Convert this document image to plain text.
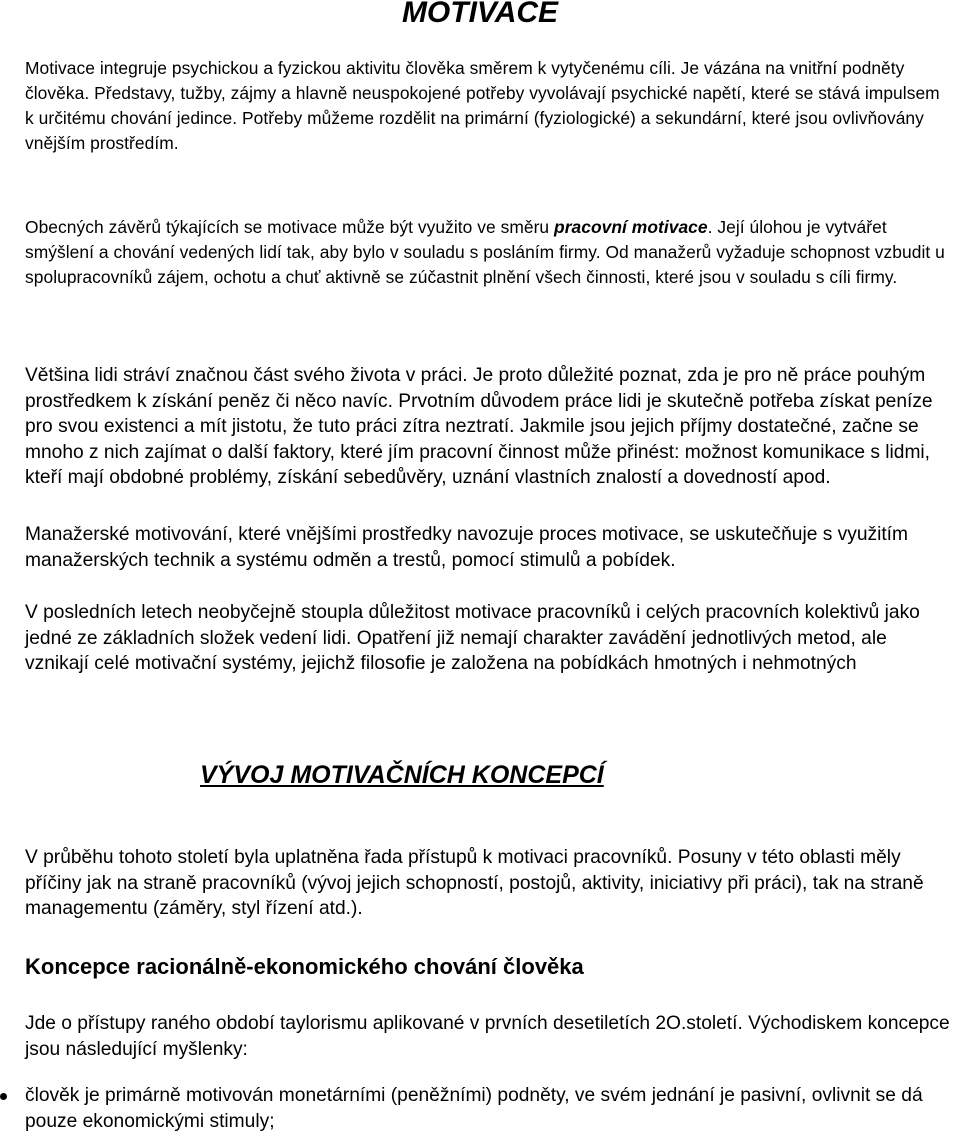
MOTIVACE

Motivace integruje psychickou a fyzickou aktivitu člověka směrem k vytyčenému cíli. Je vázána na vnitřní podněty člověka. Představy, tužby, zájmy a hlavně neuspokojené potřeby vyvolávají psychické napětí, které se stává impulsem k určitému chování jedince. Potřeby můžeme rozdělit na primární (fyziologické) a sekundární, které jsou ovlivňovány vnějším prostředím.

Obecných závěrů týkajících se motivace může být využito ve směru pracovní motivace. Její úlohou je vytvářet smýšlení a chování vedených lidí tak, aby bylo v souladu s posláním firmy. Od manažerů vyžaduje schopnost vzbudit u spolupracovníků zájem, ochotu a chuť aktivně se zúčastnit plnění všech činnosti, které jsou v souladu s cíli firmy.

Většina lidi stráví značnou část svého života v práci. Je proto důležité poznat, zda je pro ně práce pouhým prostředkem k získání peněz či něco navíc. Prvotním důvodem práce lidi je skutečně potřeba získat peníze pro svou existenci a mít jistotu, že tuto práci zítra neztratí. Jakmile jsou jejich příjmy dostatečné, začne se mnoho z nich zajímat o další faktory, které jím pracovní činnost může přinést: možnost komunikace s lidmi, kteří mají obdobné problémy, získání sebedůvěry, uznání vlastních znalostí a dovedností apod.

Manažerské motivování, které vnějšími prostředky navozuje proces motivace, se uskutečňuje s využitím manažerských technik a systému odměn a trestů, pomocí stimulů a pobídek.

V posledních letech neobyčejně stoupla důležitost motivace pracovníků i celých pracovních kolektivů jako jedné ze základních složek vedení lidi. Opatření již nemají charakter zavádění jednotlivých metod, ale vznikají celé motivační systémy, jejichž filosofie je založena na pobídkách hmotných i nehmotných

VÝVOJ MOTIVAČNÍCH KONCEPCÍ

V průběhu tohoto století byla uplatněna řada přístupů k motivaci pracovníků. Posuny v této oblasti měly příčiny jak na straně pracovníků (vývoj jejich schopností, postojů, aktivity, iniciativy při práci), tak na straně managementu (záměry, styl řízení atd.).

Koncepce racionálně-ekonomického chování člověka

Jde o přístupy raného období taylorismu aplikované v prvních desetiletích 2O.století. Východiskem koncepce jsou následující myšlenky:

člověk je primárně motivován monetárními (peněžními) podněty, ve svém jednání je pasivní, ovlivnit se dá pouze ekonomickými stimuly;
